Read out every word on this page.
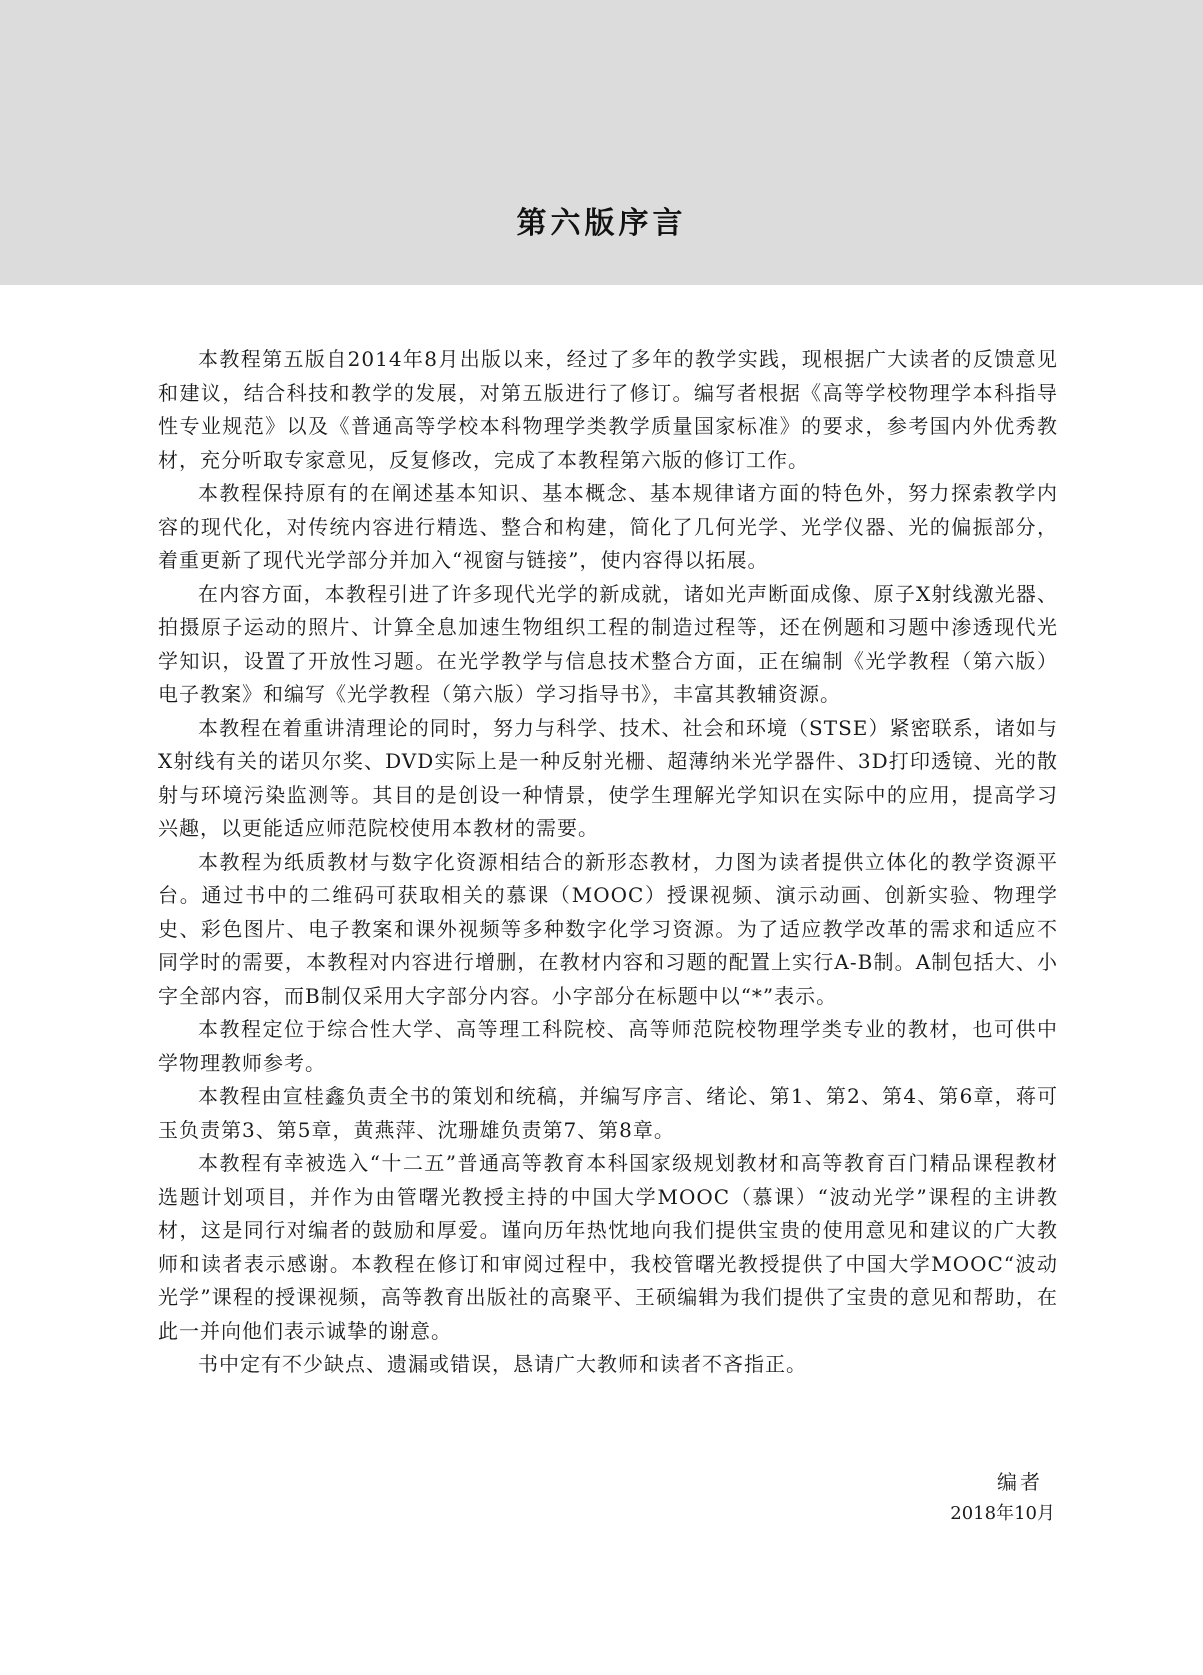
第六版序言

本教程第五版自2014年8月出版以来，经过了多年的教学实践，现根据广大读者的反馈意见和建议，结合科技和教学的发展，对第五版进行了修订。编写者根据《高等学校物理学本科指导性专业规范》以及《普通高等学校本科物理学类教学质量国家标准》的要求，参考国内外优秀教材，充分听取专家意见，反复修改，完成了本教程第六版的修订工作。

本教程保持原有的在阐述基本知识、基本概念、基本规律诸方面的特色外，努力探索教学内容的现代化，对传统内容进行精选、整合和构建，简化了几何光学、光学仪器、光的偏振部分，着重更新了现代光学部分并加入“视窗与链接”，使内容得以拓展。

在内容方面，本教程引进了许多现代光学的新成就，诸如光声断面成像、原子X射线激光器、拍摄原子运动的照片、计算全息加速生物组织工程的制造过程等，还在例题和习题中渗透现代光学知识，设置了开放性习题。在光学教学与信息技术整合方面，正在编制《光学教程（第六版）电子教案》和编写《光学教程（第六版）学习指导书》，丰富其教辅资源。

本教程在着重讲清理论的同时，努力与科学、技术、社会和环境（STSE）紧密联系，诸如与X射线有关的诺贝尔奖、DVD实际上是一种反射光栅、超薄纳米光学器件、3D打印透镜、光的散射与环境污染监测等。其目的是创设一种情景，使学生理解光学知识在实际中的应用，提高学习兴趣，以更能适应师范院校使用本教材的需要。

本教程为纸质教材与数字化资源相结合的新形态教材，力图为读者提供立体化的教学资源平台。通过书中的二维码可获取相关的慕课（MOOC）授课视频、演示动画、创新实验、物理学史、彩色图片、电子教案和课外视频等多种数字化学习资源。为了适应教学改革的需求和适应不同学时的需要，本教程对内容进行增删，在教材内容和习题的配置上实行A-B制。A制包括大、小字全部内容，而B制仅采用大字部分内容。小字部分在标题中以“*”表示。

本教程定位于综合性大学、高等理工科院校、高等师范院校物理学类专业的教材，也可供中学物理教师参考。

本教程由宣桂鑫负责全书的策划和统稿，并编写序言、绪论、第1、第2、第4、第6章，蒋可玉负责第3、第5章，黄燕萍、沈珊雄负责第7、第8章。

本教程有幸被选入“十二五”普通高等教育本科国家级规划教材和高等教育百门精品课程教材选题计划项目，并作为由管曙光教授主持的中国大学MOOC（慕课）“波动光学”课程的主讲教材，这是同行对编者的鼓励和厚爱。谨向历年热忱地向我们提供宝贵的使用意见和建议的广大教师和读者表示感谢。本教程在修订和审阅过程中，我校管曙光教授提供了中国大学MOOC“波动光学”课程的授课视频，高等教育出版社的高聚平、王硕编辑为我们提供了宝贵的意见和帮助，在此一并向他们表示诚挚的谢意。

书中定有不少缺点、遗漏或错误，恳请广大教师和读者不吝指正。

编者
2018年10月
